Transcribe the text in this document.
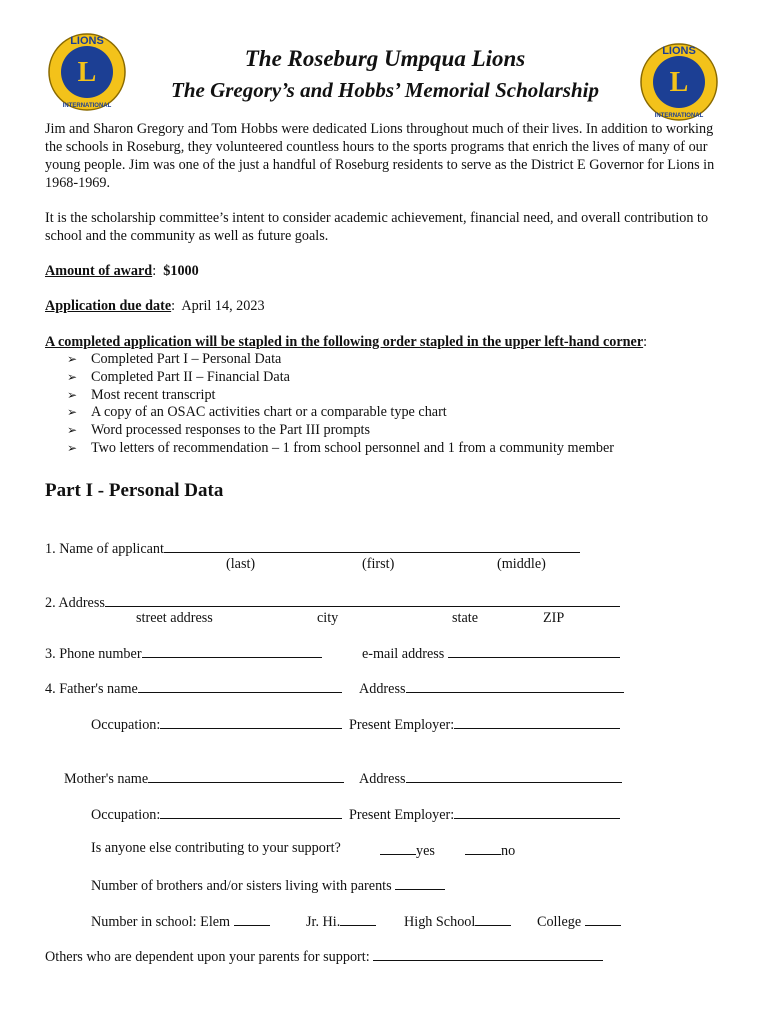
L
LIONS
INTERNATIONAL
L
LIONS
INTERNATIONAL
The Roseburg Umpqua Lions
The Gregory’s and Hobbs’ Memorial Scholarship

Jim and Sharon Gregory and Tom Hobbs were dedicated Lions throughout much of their lives. In addition to working the schools in Roseburg, they volunteered countless hours to the sports programs that enrich the lives of many of our young people. Jim was one of the just a handful of Roseburg residents to serve as the District E Governor for Lions in 1968-1969.

It is the scholarship committee’s intent to consider academic achievement, financial need, and overall contribution to school and the community as well as future goals.

Amount of award:  $1000
Application due date:  April 14, 2023
A completed application will be stapled in the following order stapled in the upper left-hand corner:
➢ Completed Part I – Personal Data
➢ Completed Part II – Financial Data
➢ Most recent transcript
➢ A copy of an OSAC activities chart or a comparable type chart
➢ Word processed responses to the Part III prompts
➢ Two letters of recommendation – 1 from school personnel and 1 from a community member
Part I - Personal Data
1. Name of applicant
(last)	(first)	(middle)
2. Address
street address	city	state	ZIP
3. Phone number	e-mail address
4. Father's name	Address
Occupation:	Present Employer:
Mother's name	Address
Occupation:	Present Employer:
Is anyone else contributing to your support?	yes	no
Number of brothers and/or sisters living with parents
Number in school: Elem	Jr. Hi.	High School	College
Others who are dependent upon your parents for support:
